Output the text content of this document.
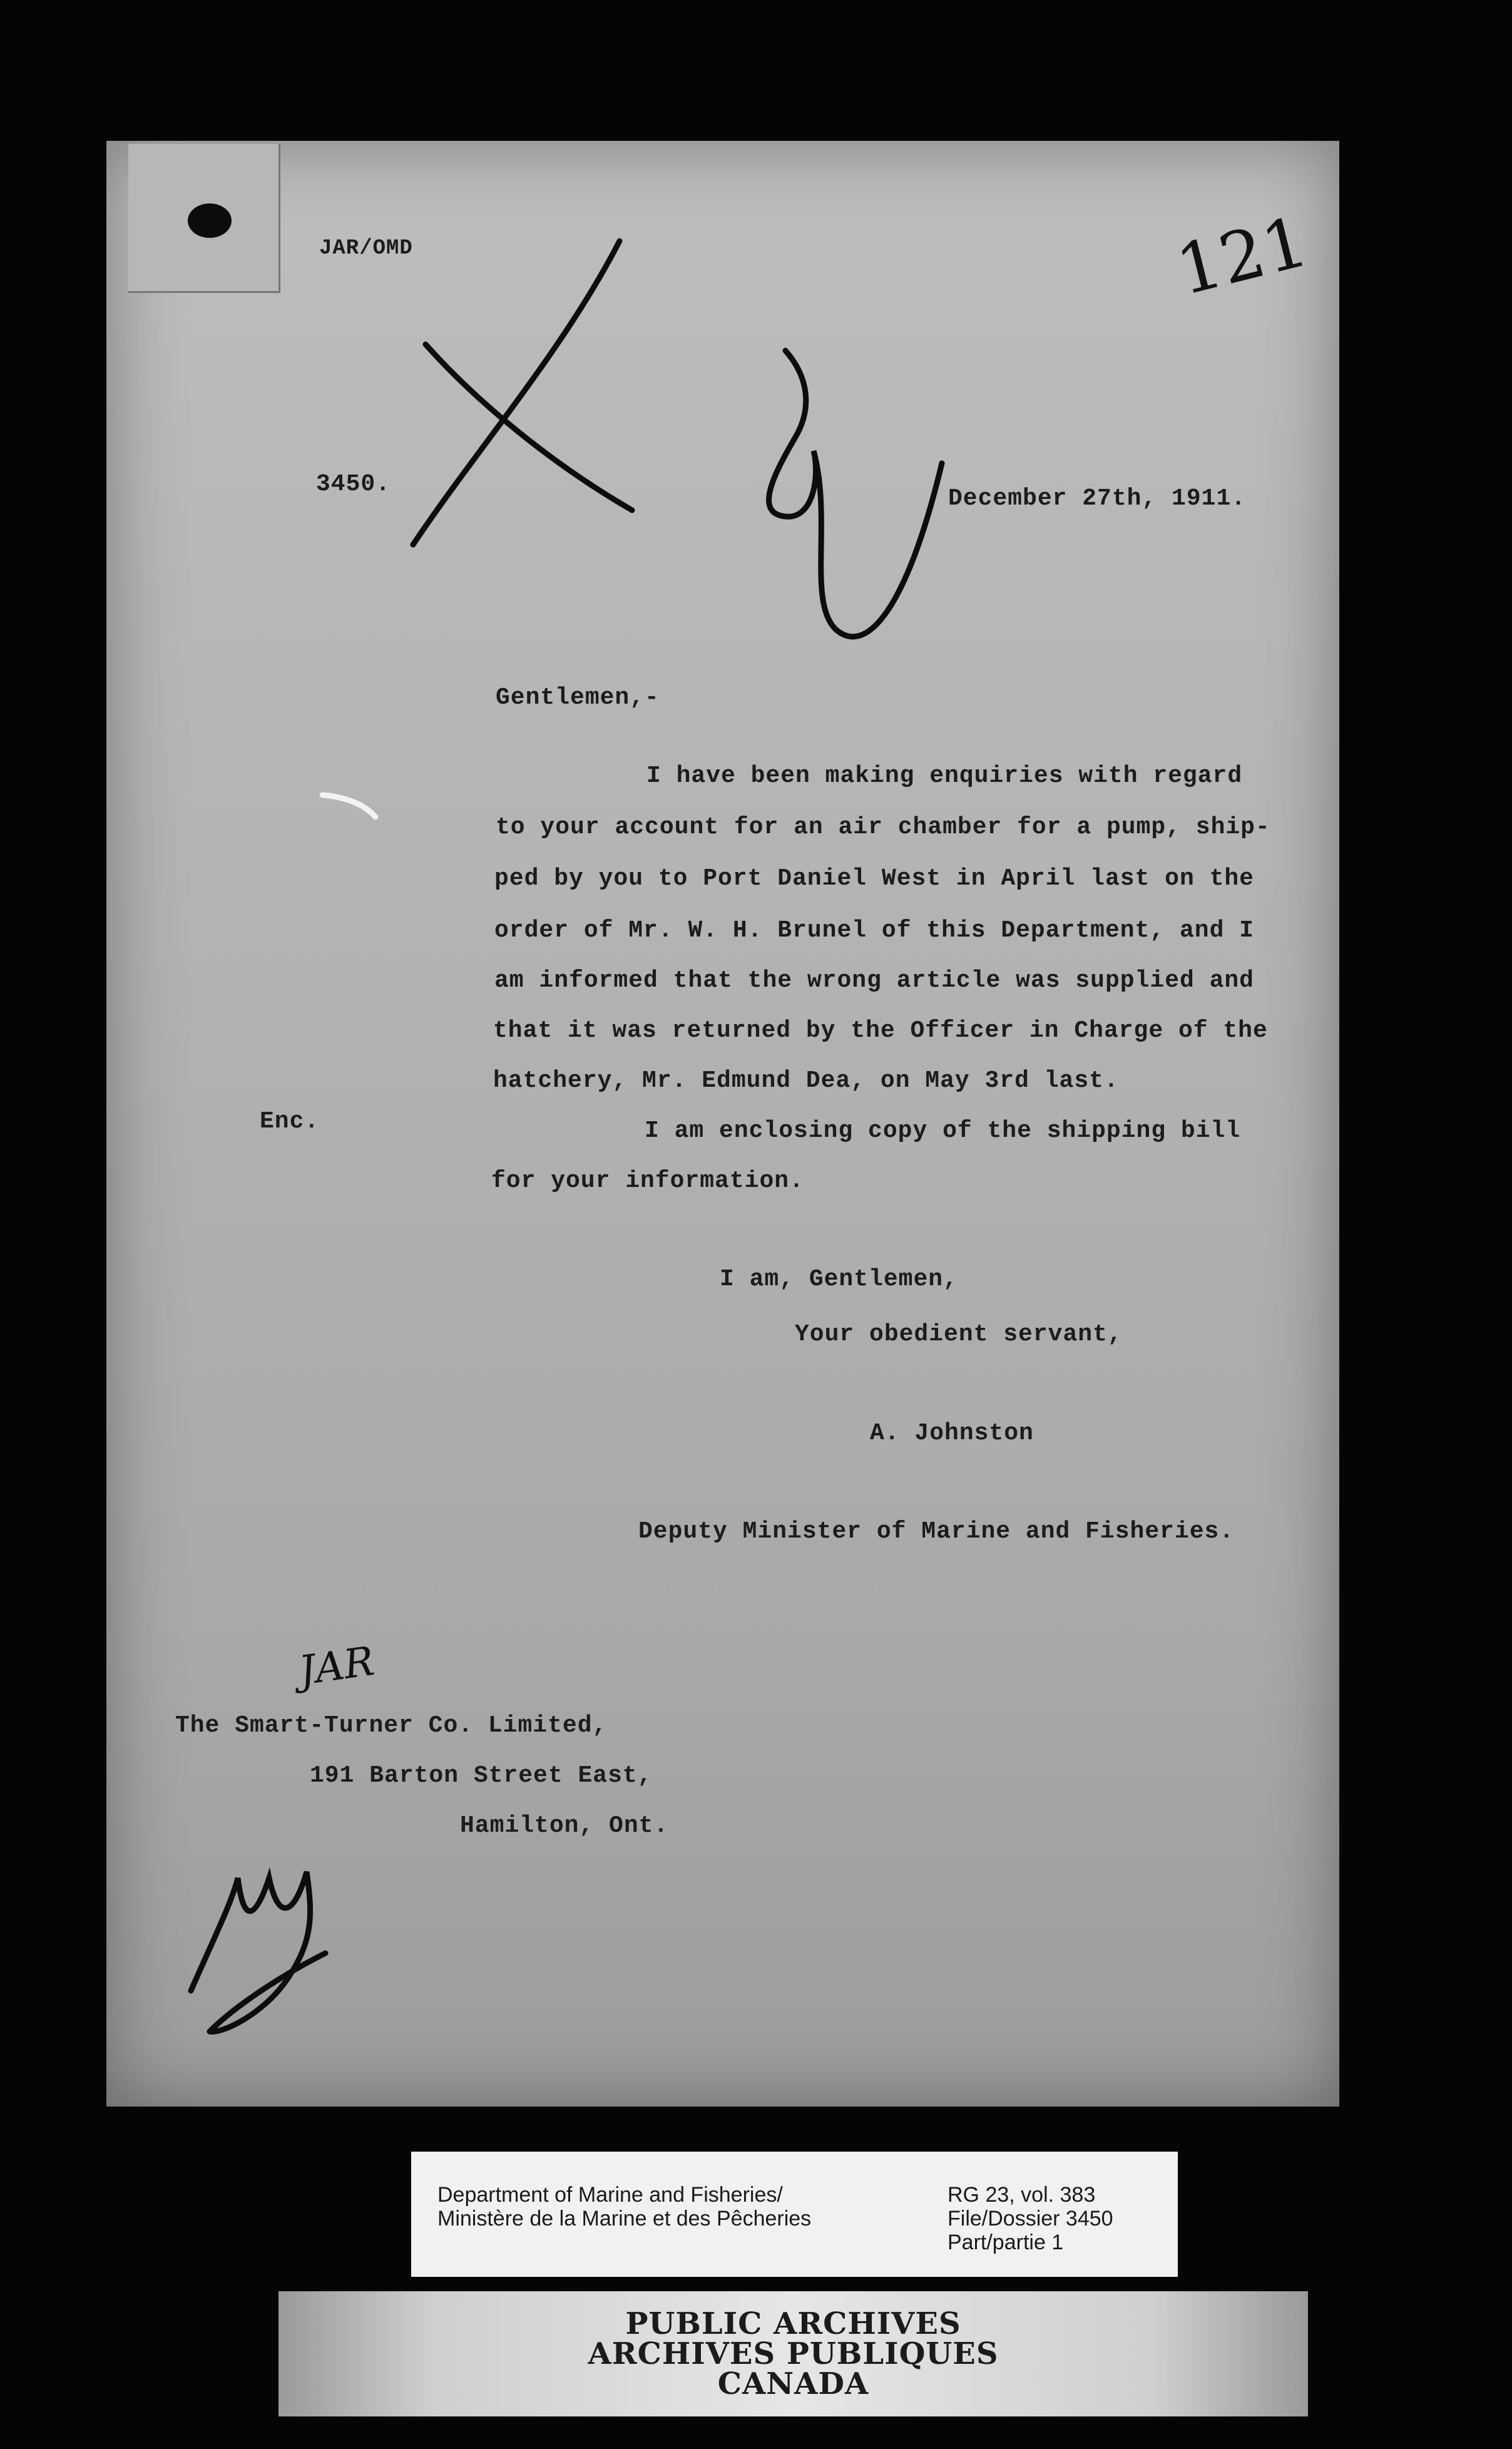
JAR/OMD
3450.
December 27th, 1911.
121
Gentlemen,-
I have been making enquiries with regard
to your account for an air chamber for a pump, ship-
ped by you to Port Daniel West in April last on the
order of Mr. W. H. Brunel of this Department, and I
am informed that the wrong article was supplied and
that it was returned by the Officer in Charge of the
hatchery, Mr. Edmund Dea, on May 3rd last.
Enc.	I am enclosing copy of the shipping bill
for your information.
I am, Gentlemen,
Your obedient servant,
A. Johnston
Deputy Minister of Marine and Fisheries.
The Smart-Turner Co. Limited,
191 Barton Street East,
Hamilton, Ont.
JAR
Department of Marine and Fisheries/
Ministère de la Marine et des Pêcheries
RG 23, vol. 383
File/Dossier 3450
Part/partie 1
PUBLIC ARCHIVES
ARCHIVES PUBLIQUES
CANADA
